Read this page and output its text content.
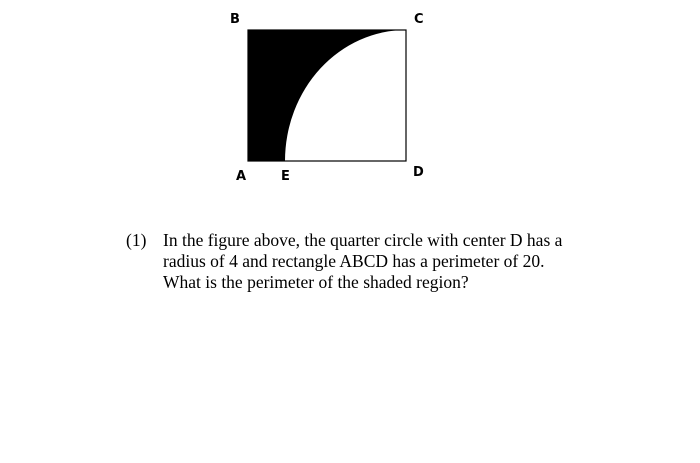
B	C
A	E	D
(1) In the figure above, the quarter circle with center D has a
radius of 4 and rectangle ABCD has a perimeter of 20.
What is the perimeter of the shaded region?
